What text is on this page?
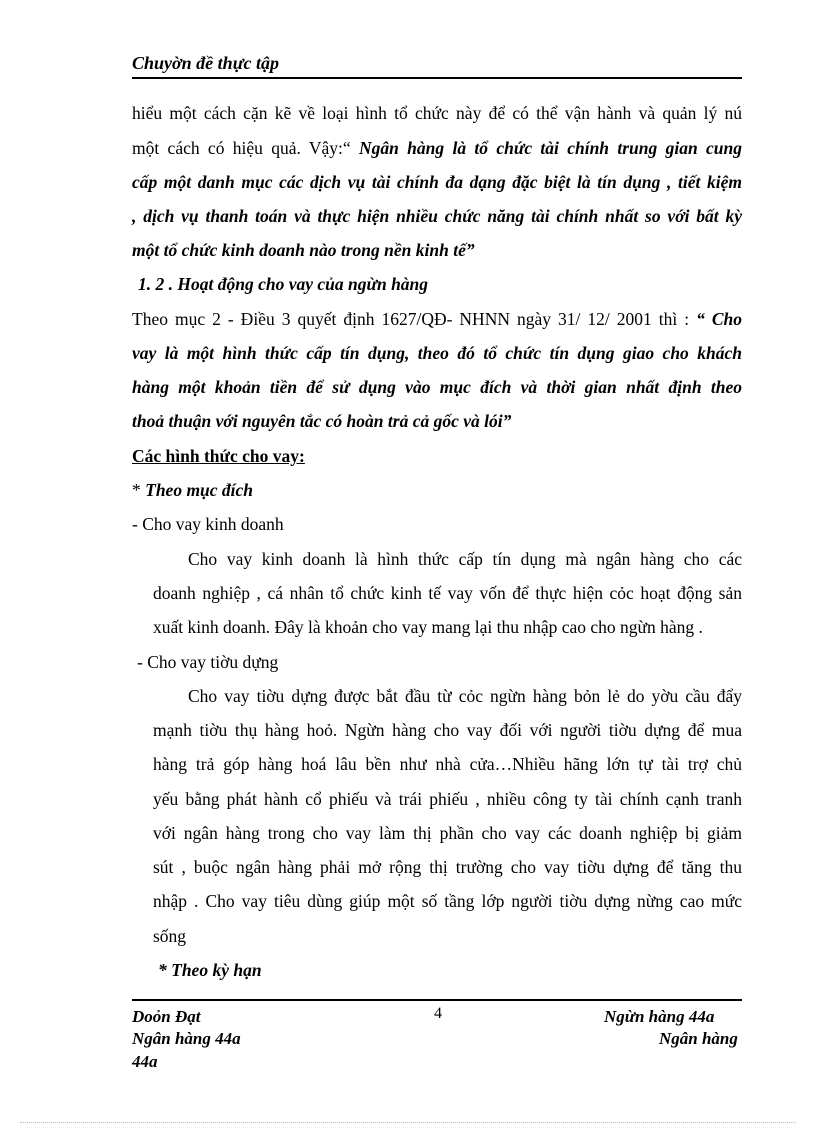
Chuyờn đề thực tập
hiểu một cách cặn kẽ về loại hình tổ chức này để có thể vận hành và quản lý nú
một cách có hiệu quả. Vậy:“ Ngân hàng là tổ chức tài chính trung gian cung
cấp một danh mục các dịch vụ tài chính đa dạng đặc biệt là tín dụng , tiết kiệm
, dịch vụ thanh toán và thực hiện nhiều chức năng tài chính nhất so với bất kỳ
một tổ chức kinh doanh nào trong nền kinh tế”
1. 2 . Hoạt động cho vay của ngừn hàng
Theo mục 2 - Điều 3 quyết định 1627/QĐ- NHNN ngày 31/ 12/ 2001 thì : “ Cho
vay là một hình thức cấp tín dụng, theo đó tổ chức tín dụng giao cho khách
hàng một khoản tiền để sử dụng vào mục đích và thời gian nhất định theo
thoả thuận với nguyên tắc có hoàn trả cả gốc và lói”
Các hình thức cho vay:
* Theo mục đích
- Cho vay kinh doanh
Cho vay kinh doanh là hình thức cấp tín dụng mà ngân hàng cho các
doanh nghiệp , cá nhân tổ chức kinh tế vay vốn để thực hiện cỏc hoạt động sản
xuất kinh doanh. Đây là khoản cho vay mang lại thu nhập cao cho ngừn hàng .
- Cho vay tiờu dựng
Cho vay tiờu dựng được bắt đầu từ cỏc ngừn hàng bỏn lẻ do yờu cầu đẩy
mạnh tiờu thụ hàng hoỏ. Ngừn hàng cho vay đối với người tiờu dựng để mua
hàng trả góp hàng hoá lâu bền như nhà cửa…Nhiều hãng lớn tự tài trợ chủ
yếu bằng phát hành cổ phiếu và trái phiếu , nhiều công ty tài chính cạnh tranh
với ngân hàng trong cho vay làm thị phần cho vay các doanh nghiệp bị giảm
sút , buộc ngân hàng phải mở rộng thị trường cho vay tiờu dựng để tăng thu
nhập . Cho vay tiêu dùng giúp một số tầng lớp người tiờu dựng nừng cao mức
sống
* Theo kỳ hạn
Doỏn Đạt	4	Ngừn hàng 44a
Ngân hàng 44a	Ngân hàng
44a
